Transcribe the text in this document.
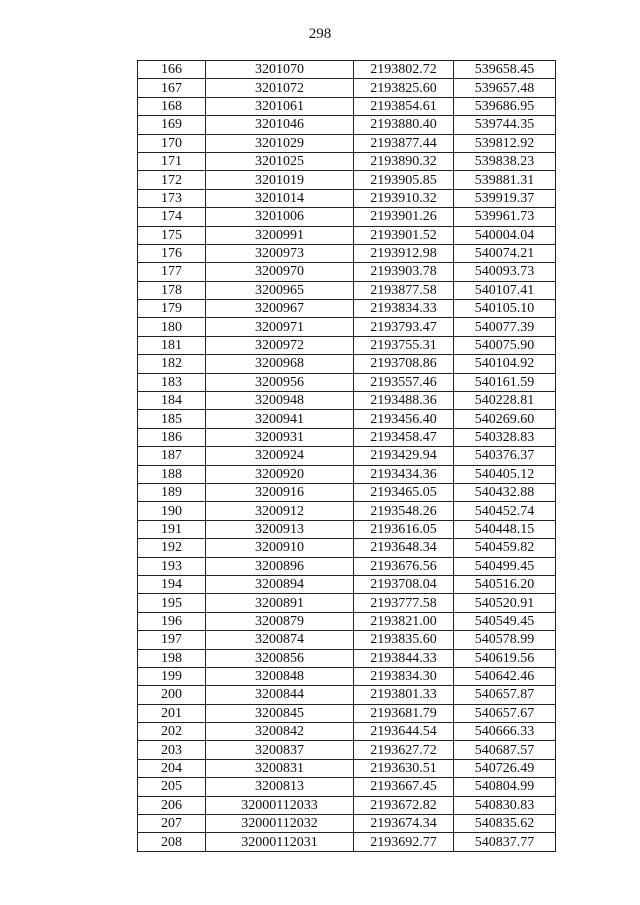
298
166	3201070	2193802.72	539658.45
167	3201072	2193825.60	539657.48
168	3201061	2193854.61	539686.95
169	3201046	2193880.40	539744.35
170	3201029	2193877.44	539812.92
171	3201025	2193890.32	539838.23
172	3201019	2193905.85	539881.31
173	3201014	2193910.32	539919.37
174	3201006	2193901.26	539961.73
175	3200991	2193901.52	540004.04
176	3200973	2193912.98	540074.21
177	3200970	2193903.78	540093.73
178	3200965	2193877.58	540107.41
179	3200967	2193834.33	540105.10
180	3200971	2193793.47	540077.39
181	3200972	2193755.31	540075.90
182	3200968	2193708.86	540104.92
183	3200956	2193557.46	540161.59
184	3200948	2193488.36	540228.81
185	3200941	2193456.40	540269.60
186	3200931	2193458.47	540328.83
187	3200924	2193429.94	540376.37
188	3200920	2193434.36	540405.12
189	3200916	2193465.05	540432.88
190	3200912	2193548.26	540452.74
191	3200913	2193616.05	540448.15
192	3200910	2193648.34	540459.82
193	3200896	2193676.56	540499.45
194	3200894	2193708.04	540516.20
195	3200891	2193777.58	540520.91
196	3200879	2193821.00	540549.45
197	3200874	2193835.60	540578.99
198	3200856	2193844.33	540619.56
199	3200848	2193834.30	540642.46
200	3200844	2193801.33	540657.87
201	3200845	2193681.79	540657.67
202	3200842	2193644.54	540666.33
203	3200837	2193627.72	540687.57
204	3200831	2193630.51	540726.49
205	3200813	2193667.45	540804.99
206	32000112033	2193672.82	540830.83
207	32000112032	2193674.34	540835.62
208	32000112031	2193692.77	540837.77
